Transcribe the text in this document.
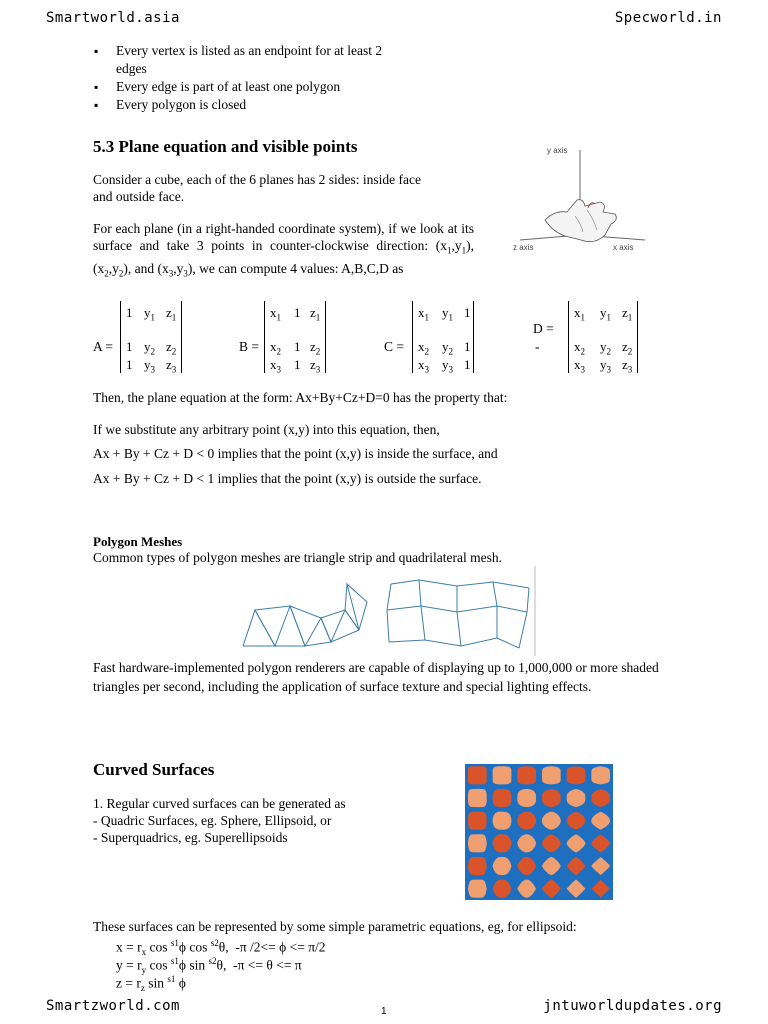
Smartworld.asia	Specworld.in
▪ Every vertex is listed as an endpoint for at least 2 edges
▪ Every edge is part of at least one polygon
▪ Every polygon is closed
5.3 Plane equation and visible points
Consider a cube, each of the 6 planes has 2 sides: inside face and outside face.
For each plane (in a right-handed coordinate system), if we look at its surface and take 3 points in counter-clockwise direction: $(x_1,y_1)$, $(x_2,y_2)$, and $(x_3,y_3)$, we can compute 4 values: A,B,C,D as
y axis
z axis	x axis
A =
1 $y_1$ $z_1$
1 $y_2$ $z_2$
1 $y_3$ $z_3$
B =
$x_1$ 1 $z_1$
$x_2$ 1 $z_2$
$x_3$ 1 $z_3$
C =
$x_1$ $y_1$ 1
$x_2$ $y_2$ 1
$x_3$ $y_3$ 1
D =
-
$x_1$ $y_1$ $z_1$
$x_2$ $y_2$ $z_2$
$x_3$ $y_3$ $z_3$
Then, the plane equation at the form: Ax+By+Cz+D=0 has the property that:
If we substitute any arbitrary point (x,y) into this equation, then,
Ax + By + Cz + D < 0 implies that the point (x,y) is inside the surface, and
Ax + By + Cz + D < 1 implies that the point (x,y) is outside the surface.
Polygon Meshes
Common types of polygon meshes are triangle strip and quadrilateral mesh.
Fast hardware-implemented polygon renderers are capable of displaying up to 1,000,000 or more shaded triangles per second, including the application of surface texture and special lighting effects.
Curved Surfaces
1. Regular curved surfaces can be generated as
- Quadric Surfaces, eg. Sphere, Ellipsoid, or
- Superquadrics, eg. Superellipsoids
These surfaces can be represented by some simple parametric equations, eg, for ellipsoid:
$x = r_x$ cos $^{s1}$ϕ cos $^{s2}$θ,  -π /2<= ϕ <= π/2
$y = r_y$ cos $^{s1}$ϕ sin $^{s2}$θ,  -π <= θ <= π
$z = r_z$ sin $^{s1}$ ϕ
Smartzworld.com	1	jntuworldupdates.org
